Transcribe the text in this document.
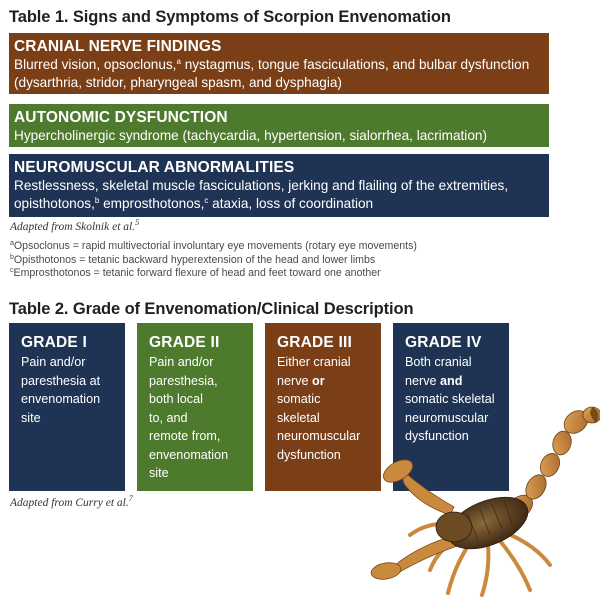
Table 1. Signs and Symptoms of Scorpion Envenomation
CRANIAL NERVE FINDINGS
Blurred vision, opsoclonus,$^a$ nystagmus, tongue fasciculations, and bulbar dysfunction (dysarthria, stridor, pharyngeal spasm, and dysphagia)
AUTONOMIC DYSFUNCTION
Hypercholinergic syndrome (tachycardia, hypertension, sialorrhea, lacrimation)
NEUROMUSCULAR ABNORMALITIES
Restlessness, skeletal muscle fasciculations, jerking and flailing of the extremities, opisthotonos,$^b$ emprosthotonos,$^c$ ataxia, loss of coordination
Adapted from Skolnik et al.$^5$
$^a$Opsoclonus = rapid multivectorial involuntary eye movements (rotary eye movements)
$^b$Opisthotonos = tetanic backward hyperextension of the head and lower limbs
$^c$Emprosthotonos = tetanic forward flexure of head and feet toward one another
Table 2. Grade of Envenomation/Clinical Description
GRADE I
Pain and/or
paresthesia at
envenomation
site
GRADE II
Pain and/or
paresthesia,
both local
to, and
remote from,
envenomation
site
GRADE III
Either cranial
nerve or
somatic
skeletal
neuromuscular
dysfunction
GRADE IV
Both cranial
nerve and
somatic skeletal
neuromuscular
dysfunction
Adapted from Curry et al.$^7$
